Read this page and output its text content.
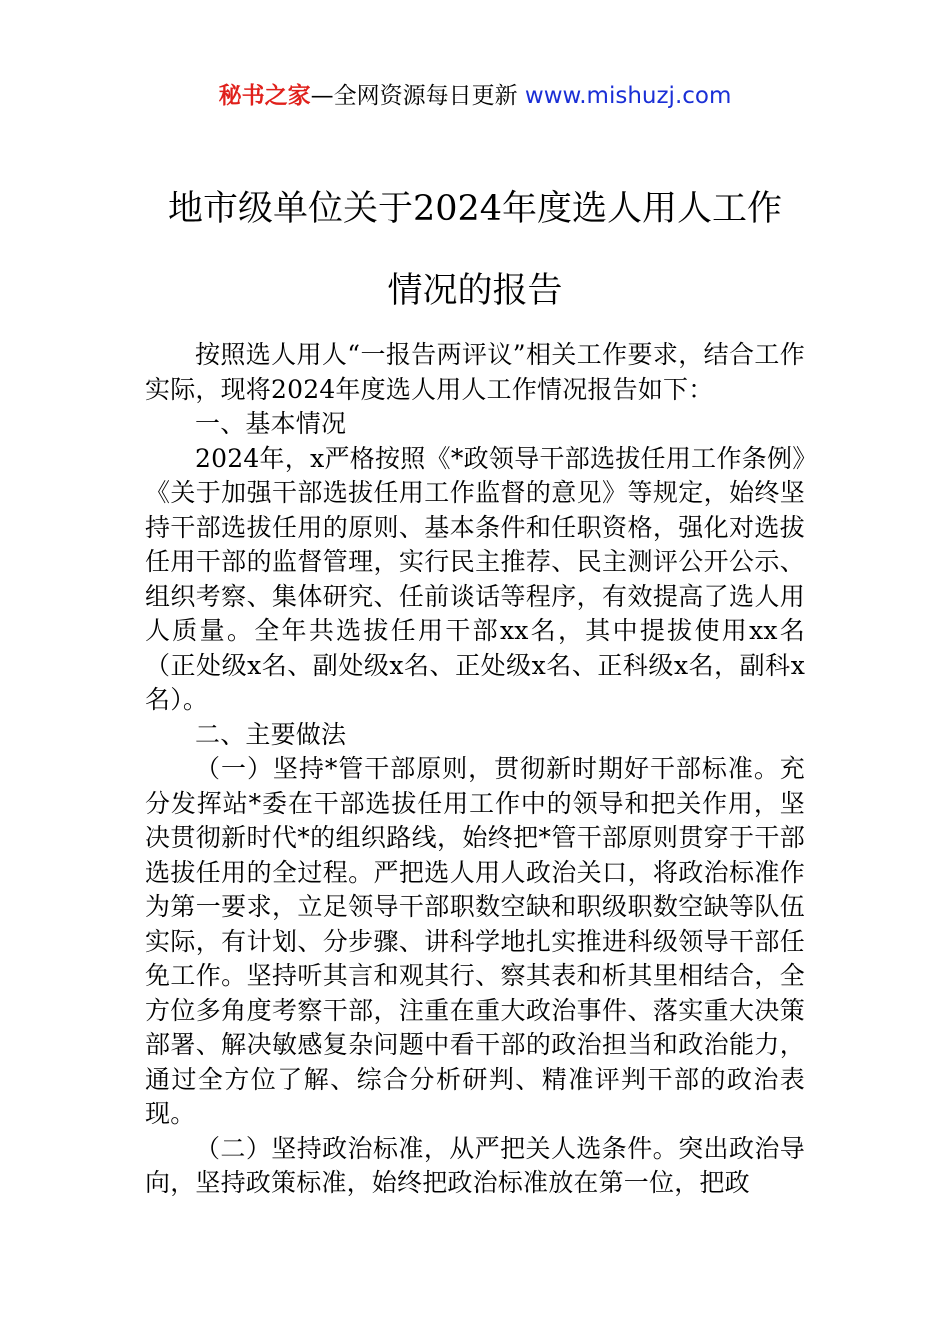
秘书之家—全网资源每日更新 www.mishuzj.com
地市级单位关于2024年度选人用人工作
情况的报告

按照选人用人“一报告两评议”相关工作要求，结合工作实际，现将2024年度选人用人工作情况报告如下：

一、基本情况

2024年，x严格按照《*政领导干部选拔任用工作条例》《关于加强干部选拔任用工作监督的意见》等规定，始终坚持干部选拔任用的原则、基本条件和任职资格，强化对选拔任用干部的监督管理，实行民主推荐、民主测评公开公示、组织考察、集体研究、任前谈话等程序，有效提高了选人用人质量。全年共选拔任用干部xx名，其中提拔使用xx名（正处级x名、副处级x名、正处级x名、正科级x名，副科x名）。

二、主要做法

（一）坚持*管干部原则，贯彻新时期好干部标准。充分发挥站*委在干部选拔任用工作中的领导和把关作用，坚决贯彻新时代*的组织路线，始终把*管干部原则贯穿于干部选拔任用的全过程。严把选人用人政治关口，将政治标准作为第一要求，立足领导干部职数空缺和职级职数空缺等队伍实际，有计划、分步骤、讲科学地扎实推进科级领导干部任免工作。坚持听其言和观其行、察其表和析其里相结合，全方位多角度考察干部，注重在重大政治事件、落实重大决策部署、解决敏感复杂问题中看干部的政治担当和政治能力，通过全方位了解、综合分析研判、精准评判干部的政治表现。

（二）坚持政治标准，从严把关人选条件。突出政治导向，坚持政策标准，始终把政治标准放在第一位，把政
